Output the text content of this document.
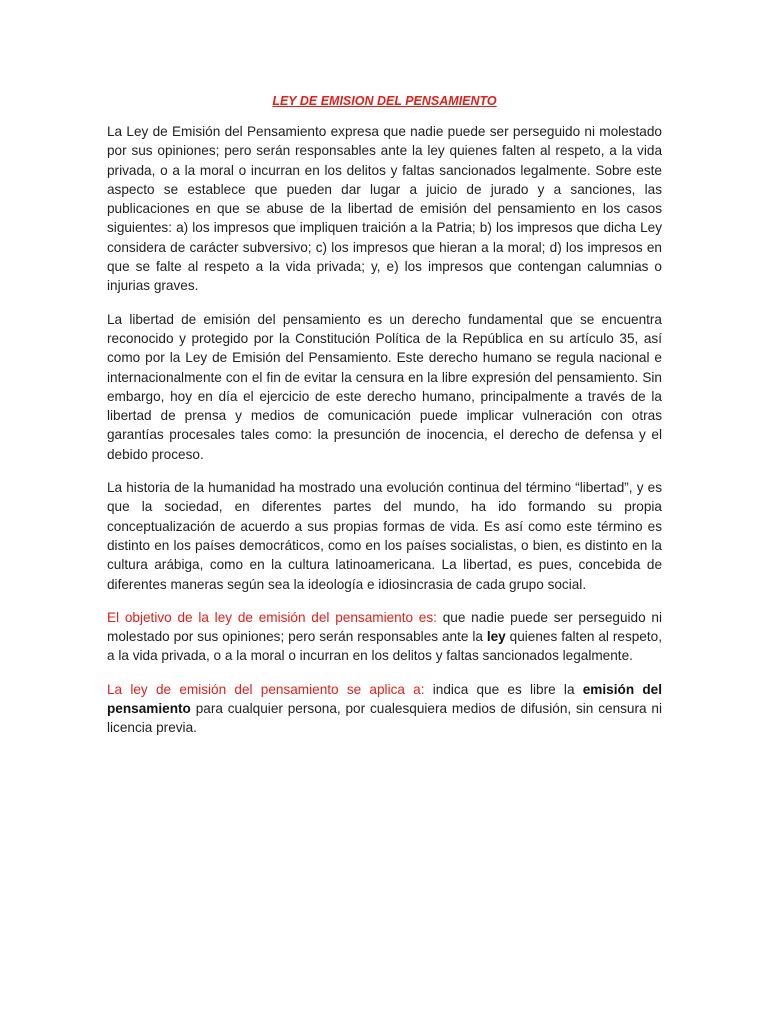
LEY DE EMISION DEL PENSAMIENTO

La Ley de Emisión del Pensamiento expresa que nadie puede ser perseguido ni molestado por sus opiniones; pero serán responsables ante la ley quienes falten al respeto, a la vida privada, o a la moral o incurran en los delitos y faltas sancionados legalmente. Sobre este aspecto se establece que pueden dar lugar a juicio de jurado y a sanciones, las publicaciones en que se abuse de la libertad de emisión del pensamiento en los casos siguientes: a) los impresos que impliquen traición a la Patria; b) los impresos que dicha Ley considera de carácter subversivo; c) los impresos que hieran a la moral; d) los impresos en que se falte al respeto a la vida privada; y, e) los impresos que contengan calumnias o injurias graves.

La libertad de emisión del pensamiento es un derecho fundamental que se encuentra reconocido y protegido por la Constitución Política de la República en su artículo 35, así como por la Ley de Emisión del Pensamiento. Este derecho humano se regula nacional e internacionalmente con el fin de evitar la censura en la libre expresión del pensamiento. Sin embargo, hoy en día el ejercicio de este derecho humano, principalmente a través de la libertad de prensa y medios de comunicación puede implicar vulneración con otras garantías procesales tales como: la presunción de inocencia, el derecho de defensa y el debido proceso.

La historia de la humanidad ha mostrado una evolución continua del término “libertad”, y es que la sociedad, en diferentes partes del mundo, ha ido formando su propia conceptualización de acuerdo a sus propias formas de vida. Es así como este término es distinto en los países democráticos, como en los países socialistas, o bien, es distinto en la cultura arábiga, como en la cultura latinoamericana. La libertad, es pues, concebida de diferentes maneras según sea la ideología e idiosincrasia de cada grupo social.

El objetivo de la ley de emisión del pensamiento es: que nadie puede ser perseguido ni molestado por sus opiniones; pero serán responsables ante la ley quienes falten al respeto, a la vida privada, o a la moral o incurran en los delitos y faltas sancionados legalmente.

La ley de emisión del pensamiento se aplica a: indica que es libre la emisión del pensamiento para cualquier persona, por cualesquiera medios de difusión, sin censura ni licencia previa.
